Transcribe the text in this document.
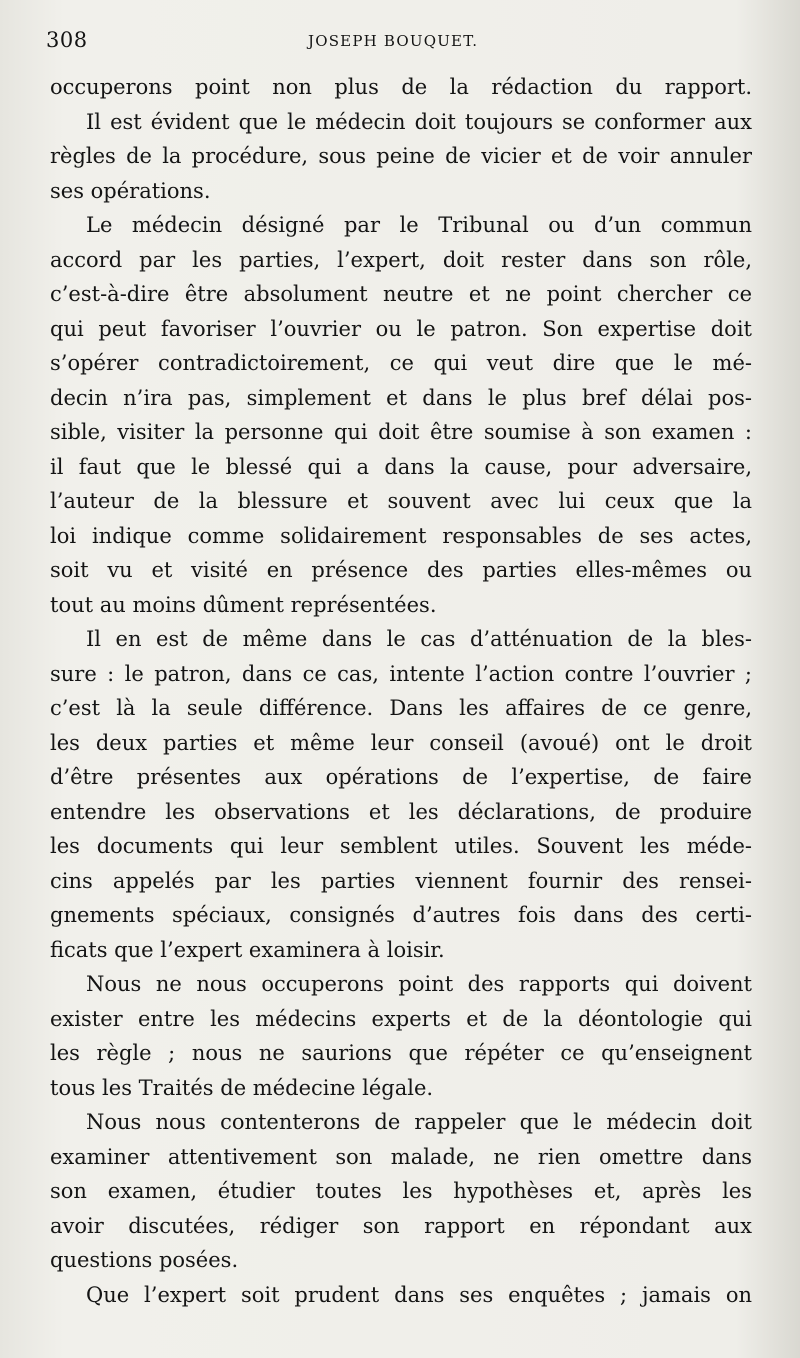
308	JOSEPH BOUQUET.
occuperons point non plus de la rédaction du rapport.
Il est évident que le médecin doit toujours se conformer aux
règles de la procédure, sous peine de vicier et de voir annuler
ses opérations.
Le médecin désigné par le Tribunal ou d’un commun
accord par les parties, l’expert, doit rester dans son rôle,
c’est-à-dire être absolument neutre et ne point chercher ce
qui peut favoriser l’ouvrier ou le patron. Son expertise doit
s’opérer contradictoirement, ce qui veut dire que le mé-
decin n’ira pas, simplement et dans le plus bref délai pos-
sible, visiter la personne qui doit être soumise à son examen :
il faut que le blessé qui a dans la cause, pour adversaire,
l’auteur de la blessure et souvent avec lui ceux que la
loi indique comme solidairement responsables de ses actes,
soit vu et visité en présence des parties elles-mêmes ou
tout au moins dûment représentées.
Il en est de même dans le cas d’atténuation de la bles-
sure : le patron, dans ce cas, intente l’action contre l’ouvrier ;
c’est là la seule différence. Dans les affaires de ce genre,
les deux parties et même leur conseil (avoué) ont le droit
d’être présentes aux opérations de l’expertise, de faire
entendre les observations et les déclarations, de produire
les documents qui leur semblent utiles. Souvent les méde-
cins appelés par les parties viennent fournir des rensei-
gnements spéciaux, consignés d’autres fois dans des certi-
ficats que l’expert examinera à loisir.
Nous ne nous occuperons point des rapports qui doivent
exister entre les médecins experts et de la déontologie qui
les règle ; nous ne saurions que répéter ce qu’enseignent
tous les Traités de médecine légale.
Nous nous contenterons de rappeler que le médecin doit
examiner attentivement son malade, ne rien omettre dans
son examen, étudier toutes les hypothèses et, après les
avoir discutées, rédiger son rapport en répondant aux
questions posées.
Que l’expert soit prudent dans ses enquêtes ; jamais on
